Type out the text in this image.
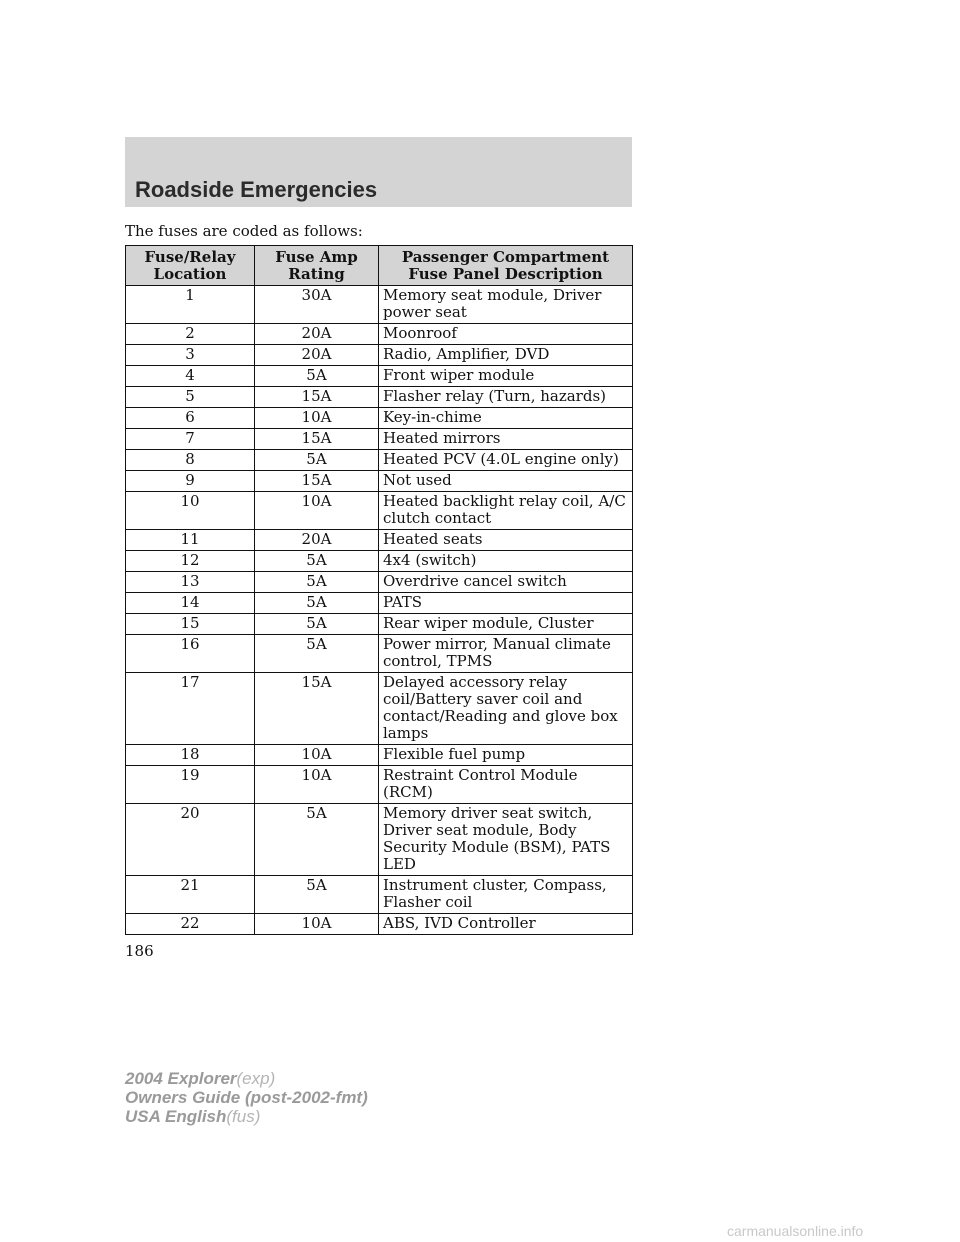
Roadside Emergencies

The fuses are coded as follows:

Fuse/Relay Location	Fuse Amp Rating	Passenger Compartment Fuse Panel Description
1	30A	Memory seat module, Driver power seat
2	20A	Moonroof
3	20A	Radio, Amplifier, DVD
4	5A	Front wiper module
5	15A	Flasher relay (Turn, hazards)
6	10A	Key-in-chime
7	15A	Heated mirrors
8	5A	Heated PCV (4.0L engine only)
9	15A	Not used
10	10A	Heated backlight relay coil, A/C clutch contact
11	20A	Heated seats
12	5A	4x4 (switch)
13	5A	Overdrive cancel switch
14	5A	PATS
15	5A	Rear wiper module, Cluster
16	5A	Power mirror, Manual climate control, TPMS
17	15A	Delayed accessory relay coil/Battery saver coil and contact/Reading and glove box lamps
18	10A	Flexible fuel pump
19	10A	Restraint Control Module (RCM)
20	5A	Memory driver seat switch, Driver seat module, Body Security Module (BSM), PATS LED
21	5A	Instrument cluster, Compass, Flasher coil
22	10A	ABS, IVD Controller

186

2004 Explorer(exp)
Owners Guide (post-2002-fmt)
USA English(fus)
carmanualsonline.info
